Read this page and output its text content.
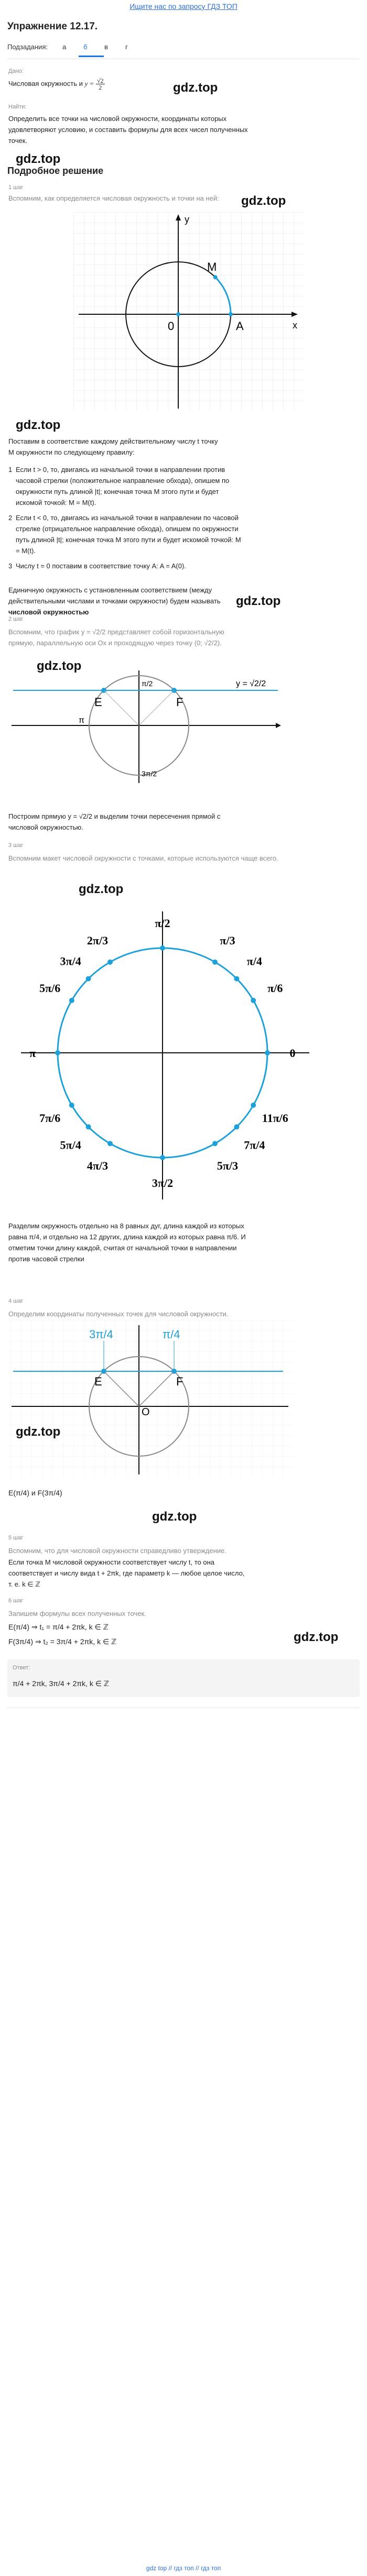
Ищите нас по запросу ГДЗ ТОП
Упражнение 12.17.
Подзадания: а	б	в	г
Дано:
Числовая окружность и $y = \frac{√2}{2}$	gdz.top
Найти:
Определить все точки на числовой окружности, координаты которых удовлетворяют условию, и составить формулы для всех чисел полученных точек.
gdz.top
Подробное решение
1 шаг
Вспомним, как определяется числовая окружность и точки на ней: gdz.top
y
x
0
M
A
gdz.top
Поставим в соответствие каждому действительному числу t точку M окружности по следующему правилу:
1 Если t > 0, то, двигаясь из начальной точки в направлении против часовой стрелки (положительное направление обхода), опишем по окружности путь длиной |t|; конечная точка M этого пути и будет искомой точкой: M = M(t).
2 Если t < 0, то, двигаясь из начальной точки в направлении по часовой стрелке (отрицательное направление обхода), опишем по окружности путь длиной |t|; конечная точка M этого пути и будет искомой точкой: M = M(t).
3 Числу t = 0 поставим в соответствие точку A: A = A(0).
Единичную окружность с установленным соответствием (между действительными числами и точками окружности) будем называть числовой окружностью
gdz.top
2 шаг
Вспомним, что график y = √2/2 представляет собой горизонтальную прямую, параллельную оси Ox и проходящую через точку (0; √2/2).
gdz.top
E	F
π/2
π
3π/2
y = √2/2
Построим прямую y = √2/2 и выделим точки пересечения прямой с числовой окружностью.
3 шаг
Вспомним макет числовой окружности с точками, которые используются чаще всего.
gdz.top
π/2
π/3
π/4
π/6
0
11π/6
7π/4
5π/3
3π/2
4π/3
5π/4
7π/6
π
5π/6
3π/4
2π/3
Разделим окружность отдельно на 8 равных дуг, длина каждой из которых равна π/4, и отдельно на 12 других, длина каждой из которых равна π/6. И отметим точки длину каждой, считая от начальной точки в направлении против часовой стрелки
4 шаг
Определим координаты полученных точек для числовой окружности.
3π/4	π/4
E	F
O
gdz.top
E(π/4) и F(3π/4)
gdz.top
5 шаг
Вспомним, что для числовой окружности справедливо утверждение.
Если точка M числовой окружности соответствует числу t, то она соответствует и числу вида t + 2πk, где параметр k — любое целое число, т. е. k ∈ ℤ
6 шаг
Запишем формулы всех полученных точек.
E(π/4) ⇒ t₁ = π/4 + 2πk, k ∈ ℤ
F(3π/4) ⇒ t₂ = 3π/4 + 2πk, k ∈ ℤ	gdz.top
Ответ:
π/4 + 2πk, 3π/4 + 2πk, k ∈ ℤ
gdz top // гдз топ // гдз топ
